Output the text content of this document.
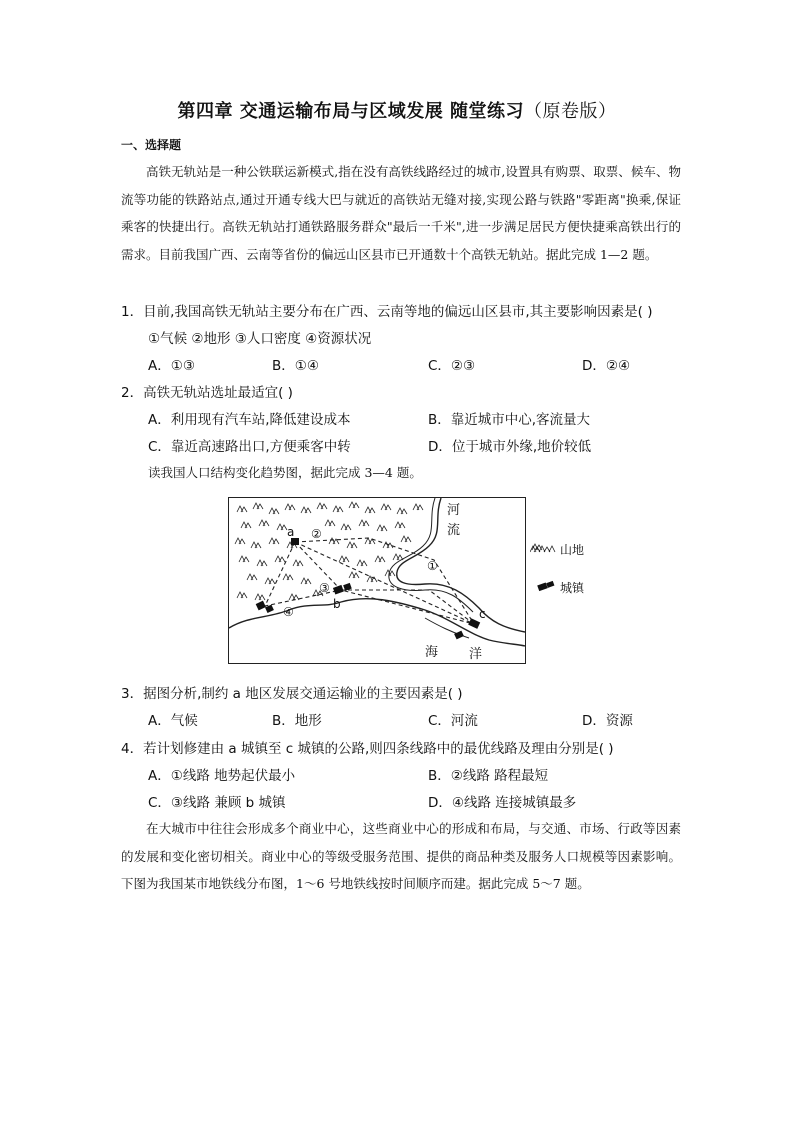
第四章 交通运输布局与区域发展 随堂练习（原卷版）
一、选择题
高铁无轨站是一种公铁联运新模式,指在没有高铁线路经过的城市,设置具有购票、取票、候车、物流等功能的铁路站点,通过开通专线大巴与就近的高铁站无缝对接,实现公路与铁路"零距离"换乘,保证乘客的快捷出行。高铁无轨站打通铁路服务群众"最后一千米",进一步满足居民方便快捷乘高铁出行的需求。目前我国广西、云南等省份的偏远山区县市已开通数十个高铁无轨站。据此完成 1—2 题。
1．目前,我国高铁无轨站主要分布在广西、云南等地的偏远山区县市,其主要影响因素是( )
①气候 ②地形 ③人口密度 ④资源状况
A．①③	B．①④	C．②③	D．②④
2．高铁无轨站选址最适宜( )
A．利用现有汽车站,降低建设成本	B．靠近城市中心,客流量大
C．靠近高速路出口,方便乘客中转	D．位于城市外缘,地价较低
读我国人口结构变化趋势图，据此完成 3—4 题。
a
b
c
①
②
③
④
河
流
海 洋
山地
城镇
3．据图分析,制约 a 地区发展交通运输业的主要因素是( )
A．气候	B．地形	C．河流	D．资源
4．若计划修建由 a 城镇至 c 城镇的公路,则四条线路中的最优线路及理由分别是( )
A．①线路 地势起伏最小	B．②线路 路程最短
C．③线路 兼顾 b 城镇	D．④线路 连接城镇最多
在大城市中往往会形成多个商业中心，这些商业中心的形成和布局，与交通、市场、行政等因素的发展和变化密切相关。商业中心的等级受服务范围、提供的商品种类及服务人口规模等因素影响。下图为我国某市地铁线分布图，1～6 号地铁线按时间顺序而建。据此完成 5～7 题。
